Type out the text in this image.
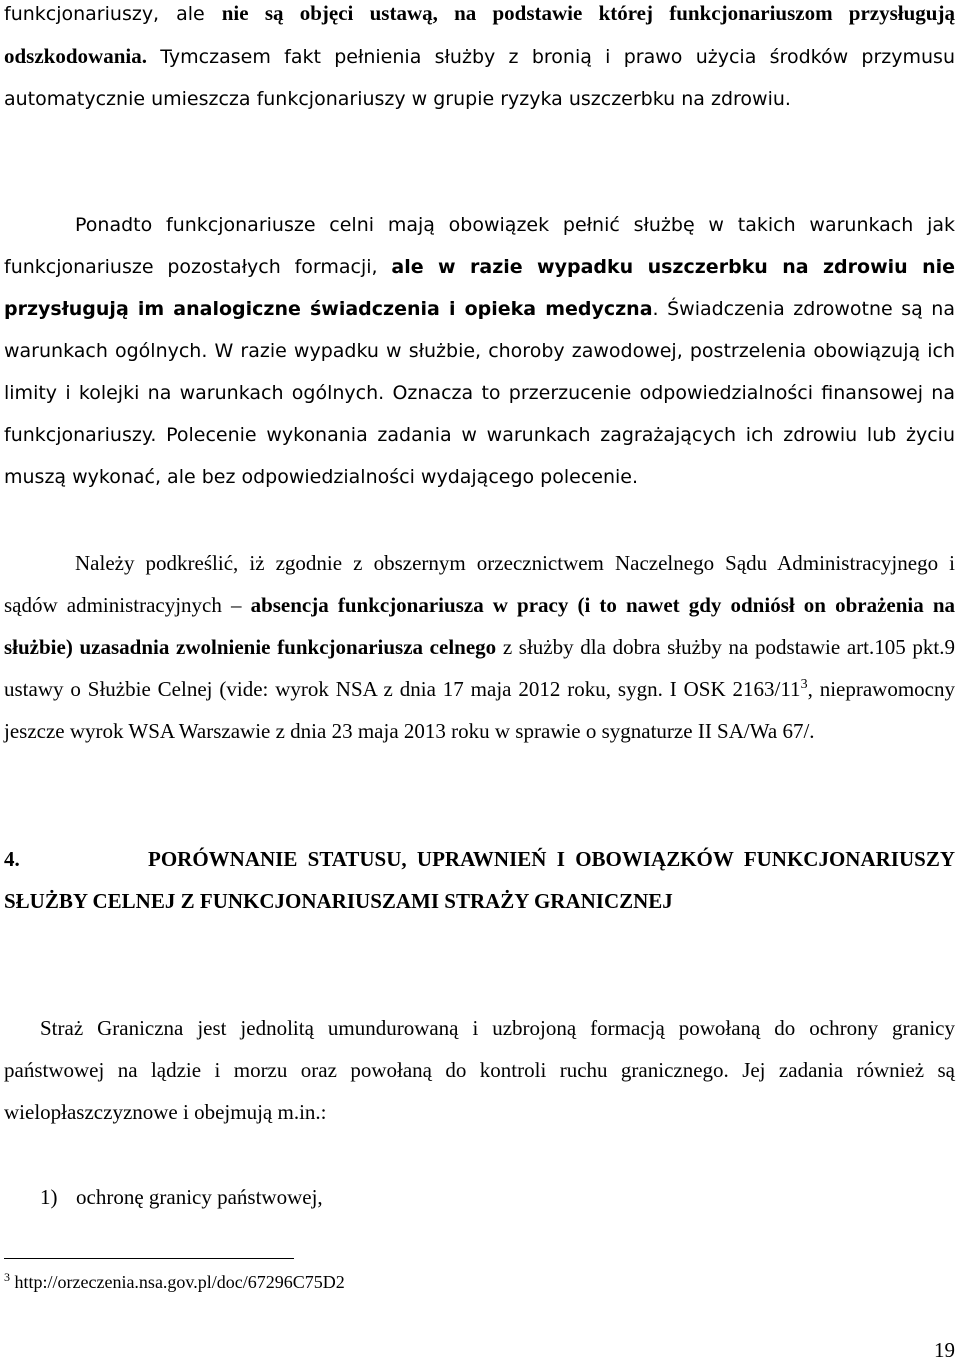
funkcjonariuszy, ale nie są objęci ustawą, na podstawie której funkcjonariuszom przysługują odszkodowania. Tymczasem fakt pełnienia służby z bronią i prawo użycia środków przymusu automatycznie umieszcza funkcjonariuszy w grupie ryzyka uszczerbku na zdrowiu.

Ponadto funkcjonariusze celni mają obowiązek pełnić służbę w takich warunkach jak funkcjonariusze pozostałych formacji, ale w razie wypadku uszczerbku na zdrowiu nie przysługują im analogiczne świadczenia i opieka medyczna. Świadczenia zdrowotne są na warunkach ogólnych. W razie wypadku w służbie, choroby zawodowej, postrzelenia obowiązują ich limity i kolejki na warunkach ogólnych. Oznacza to przerzucenie odpowiedzialności finansowej na funkcjonariuszy. Polecenie wykonania zadania w warunkach zagrażających ich zdrowiu lub życiu muszą wykonać, ale bez odpowiedzialności wydającego polecenie.

Należy podkreślić, iż zgodnie z obszernym orzecznictwem Naczelnego Sądu Administracyjnego i sądów administracyjnych – absencja funkcjonariusza w pracy (i to nawet gdy odniósł on obrażenia na służbie) uzasadnia zwolnienie funkcjonariusza celnego z służby dla dobra służby na podstawie art.105 pkt.9 ustawy o Służbie Celnej (vide: wyrok NSA z dnia 17 maja 2012 roku, sygn. I OSK $2163/11^3$, nieprawomocny jeszcze wyrok WSA Warszawie z dnia 23 maja 2013 roku w sprawie o sygnaturze II SA/Wa 67/.

4.	PORÓWNANIE STATUSU, UPRAWNIEŃ I OBOWIĄZKÓW FUNKCJONARIUSZY SŁUŻBY CELNEJ Z FUNKCJONARIUSZAMI STRAŻY GRANICZNEJ

Straż Graniczna jest jednolitą umundurowaną i uzbrojoną formacją powołaną do ochrony granicy państwowej na lądzie i morzu oraz powołaną do kontroli ruchu granicznego. Jej zadania również są wielopłaszczyznowe i obejmują m.in.:

1) ochronę granicy państwowej,

$^3$ http://orzeczenia.nsa.gov.pl/doc/67296C75D2

19
